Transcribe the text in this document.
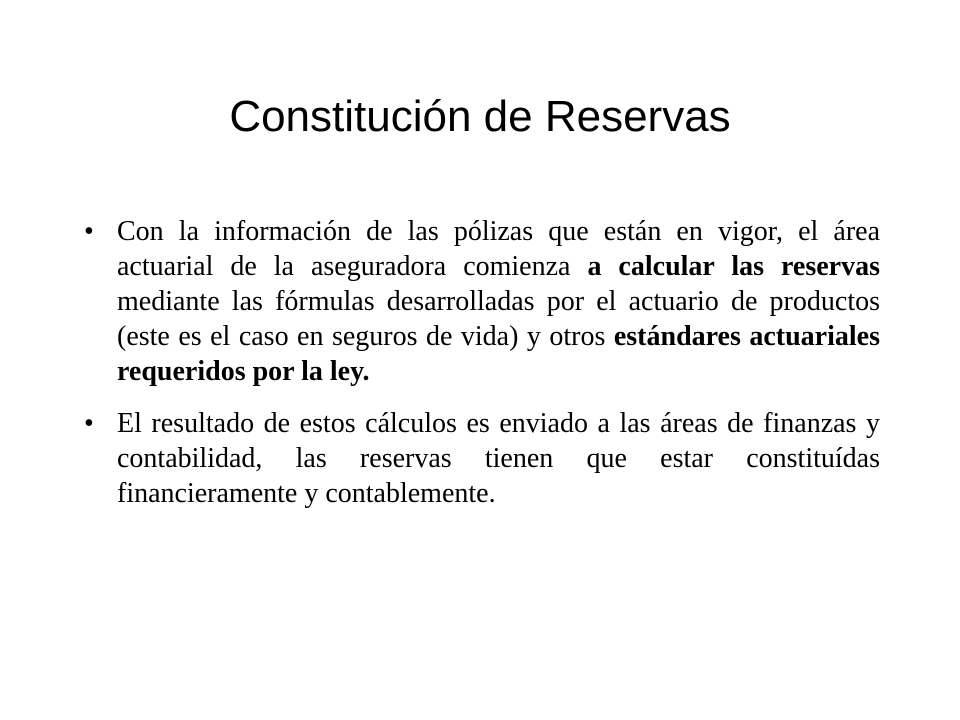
Constitución de Reservas
• Con la información de las pólizas que están en vigor, el área actuarial de la aseguradora comienza a calcular las reservas mediante las fórmulas desarrolladas por el actuario de productos (este es el caso en seguros de vida) y otros estándares actuariales requeridos por la ley.
• El resultado de estos cálculos es enviado a las áreas de finanzas y contabilidad, las reservas tienen que estar constituídas financieramente y contablemente.
